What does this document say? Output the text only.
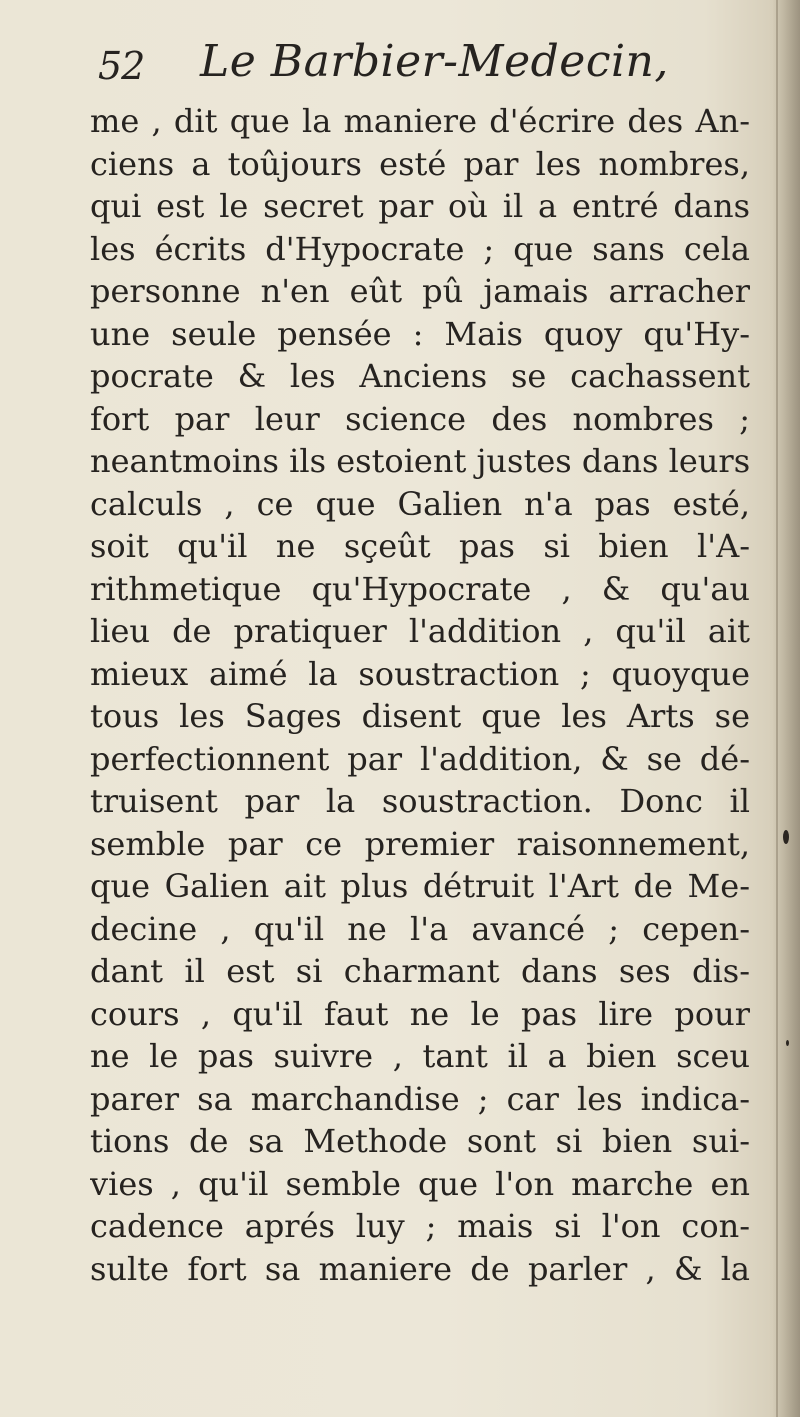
52 Le Barbier-Medecin,
me , dit que la maniere d'écrire des An-
ciens a toûjours esté par les nombres,
qui est le secret par où il a entré dans
les écrits d'Hypocrate ; que sans cela
personne n'en eût pû jamais arracher
une seule pensée : Mais quoy qu'Hy-
pocrate & les Anciens se cachassent
fort par leur science des nombres ;
neantmoins ils estoient justes dans leurs
calculs , ce que Galien n'a pas esté,
soit qu'il ne sçeût pas si bien l'A-
rithmetique qu'Hypocrate , & qu'au
lieu de pratiquer l'addition , qu'il ait
mieux aimé la soustraction ; quoyque
tous les Sages disent que les Arts se
perfectionnent par l'addition, & se dé-
truisent par la soustraction. Donc il
semble par ce premier raisonnement,
que Galien ait plus détruit l'Art de Me-
decine , qu'il ne l'a avancé ; cepen-
dant il est si charmant dans ses dis-
cours , qu'il faut ne le pas lire pour
ne le pas suivre , tant il a bien sceu
parer sa marchandise ; car les indica-
tions de sa Methode sont si bien sui-
vies , qu'il semble que l'on marche en
cadence aprés luy ; mais si l'on con-
sulte fort sa maniere de parler , & la
